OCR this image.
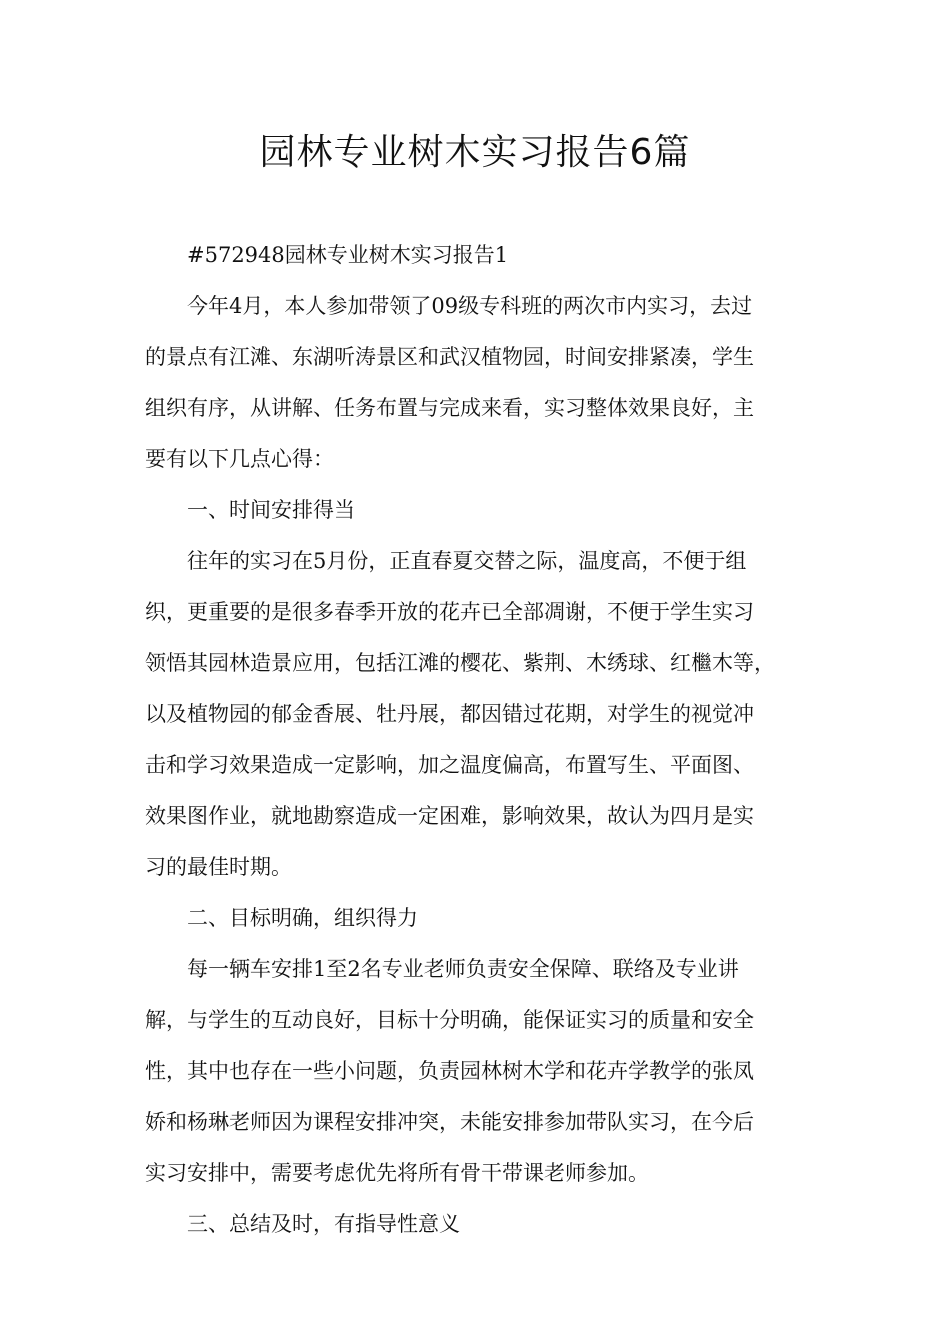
园林专业树木实习报告6篇

#572948园林专业树木实习报告1

今年4月，本人参加带领了09级专科班的两次市内实习，去过
的景点有江滩、东湖听涛景区和武汉植物园，时间安排紧凑，学生
组织有序，从讲解、任务布置与完成来看，实习整体效果良好，主
要有以下几点心得：

一、时间安排得当

往年的实习在5月份，正直春夏交替之际，温度高，不便于组
织，更重要的是很多春季开放的花卉已全部凋谢，不便于学生实习
领悟其园林造景应用，包括江滩的樱花、紫荆、木绣球、红檵木等，
以及植物园的郁金香展、牡丹展，都因错过花期，对学生的视觉冲
击和学习效果造成一定影响，加之温度偏高，布置写生、平面图、
效果图作业，就地勘察造成一定困难，影响效果，故认为四月是实
习的最佳时期。

二、目标明确，组织得力

每一辆车安排1至2名专业老师负责安全保障、联络及专业讲
解，与学生的互动良好，目标十分明确，能保证实习的质量和安全
性，其中也存在一些小问题，负责园林树木学和花卉学教学的张凤
娇和杨琳老师因为课程安排冲突，未能安排参加带队实习，在今后
实习安排中，需要考虑优先将所有骨干带课老师参加。

三、总结及时，有指导性意义
